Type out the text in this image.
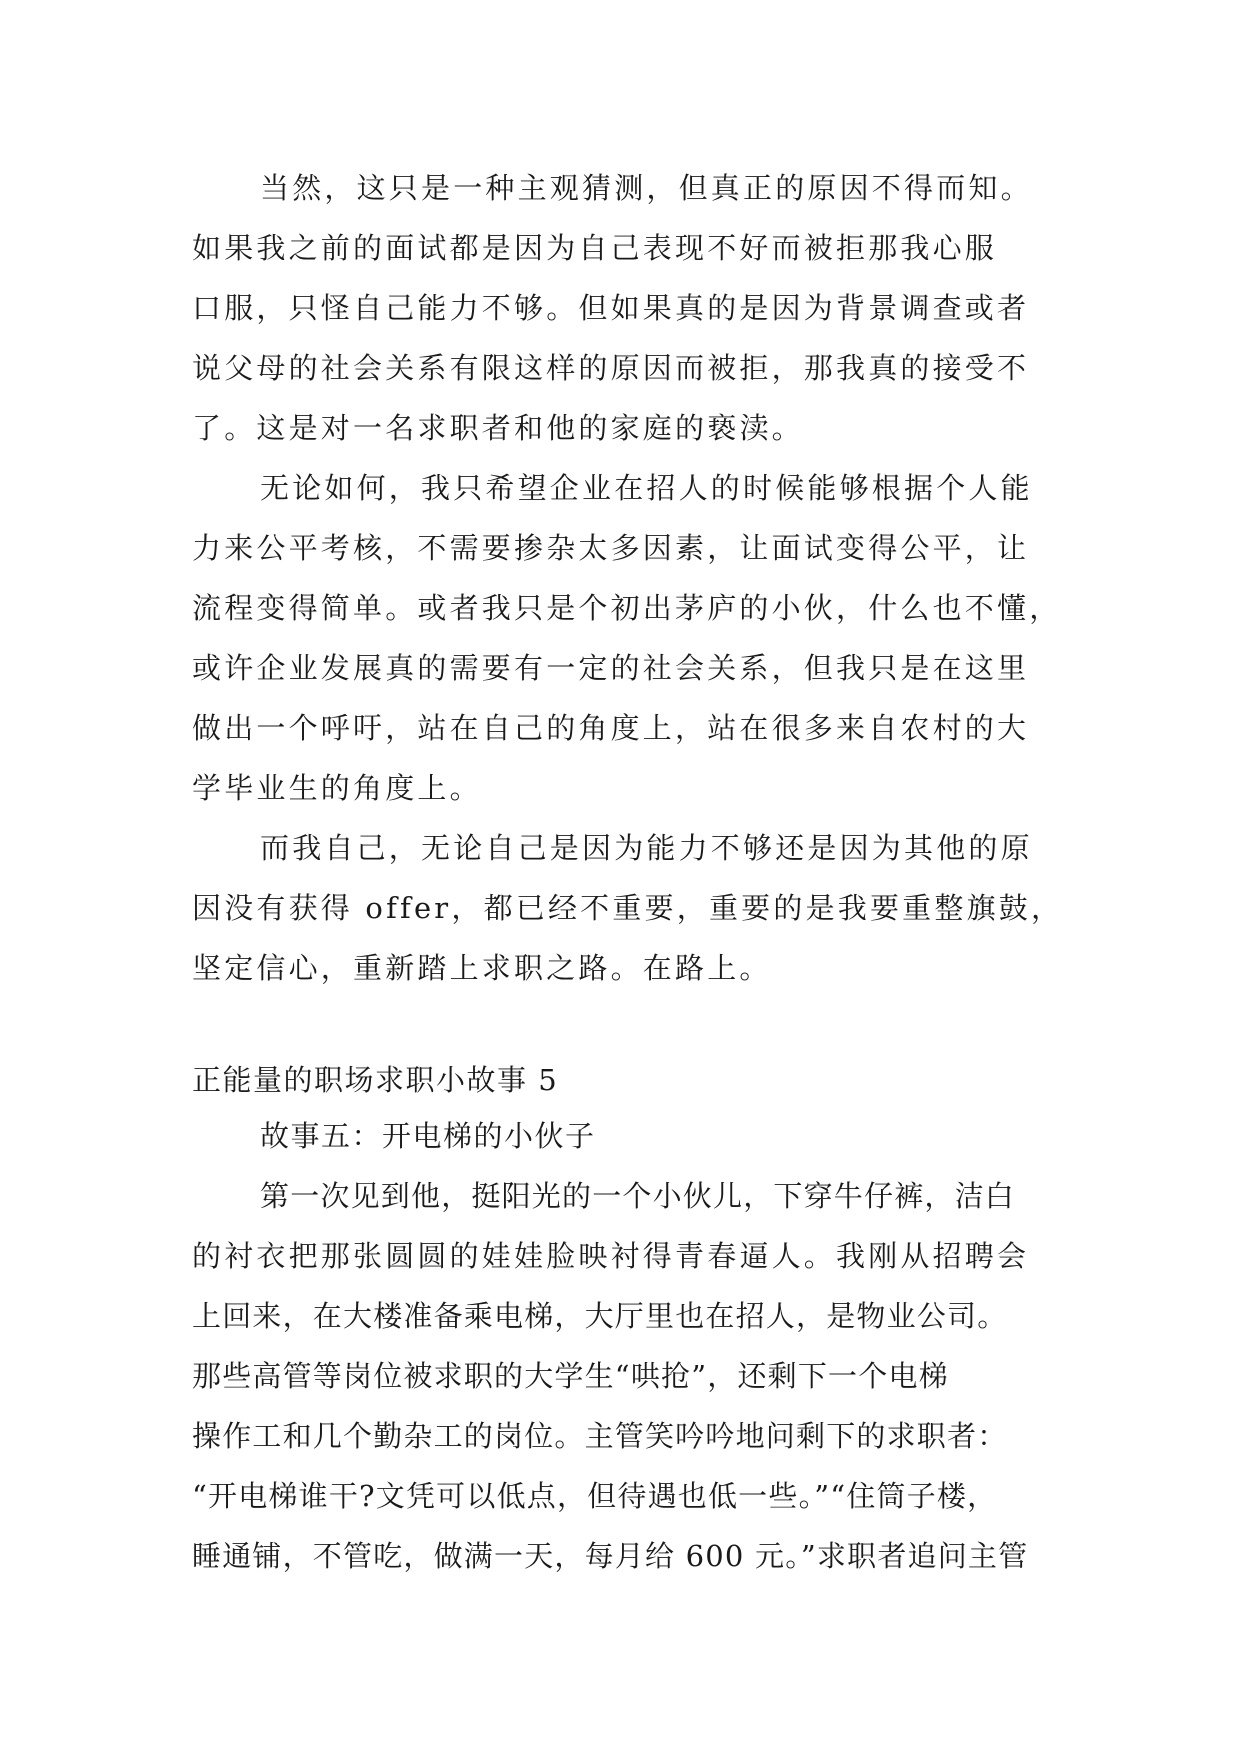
当然，这只是一种主观猜测，但真正的原因不得而知。
如果我之前的面试都是因为自己表现不好而被拒那我心服
口服，只怪自己能力不够。但如果真的是因为背景调查或者
说父母的社会关系有限这样的原因而被拒，那我真的接受不
了。这是对一名求职者和他的家庭的亵渎。
无论如何，我只希望企业在招人的时候能够根据个人能
力来公平考核，不需要掺杂太多因素，让面试变得公平，让
流程变得简单。或者我只是个初出茅庐的小伙，什么也不懂，
或许企业发展真的需要有一定的社会关系，但我只是在这里
做出一个呼吁，站在自己的角度上，站在很多来自农村的大
学毕业生的角度上。
而我自己，无论自己是因为能力不够还是因为其他的原
因没有获得 offer，都已经不重要，重要的是我要重整旗鼓，
坚定信心，重新踏上求职之路。在路上。
正能量的职场求职小故事 5
故事五：开电梯的小伙子
第一次见到他，挺阳光的一个小伙儿，下穿牛仔裤，洁白
的衬衣把那张圆圆的娃娃脸映衬得青春逼人。我刚从招聘会
上回来，在大楼准备乘电梯，大厅里也在招人，是物业公司。
那些高管等岗位被求职的大学生“哄抢”，还剩下一个电梯
操作工和几个勤杂工的岗位。主管笑吟吟地问剩下的求职者：
“开电梯谁干?文凭可以低点，但待遇也低一些。”“住筒子楼，
睡通铺，不管吃，做满一天，每月给 600 元。”求职者追问主管
